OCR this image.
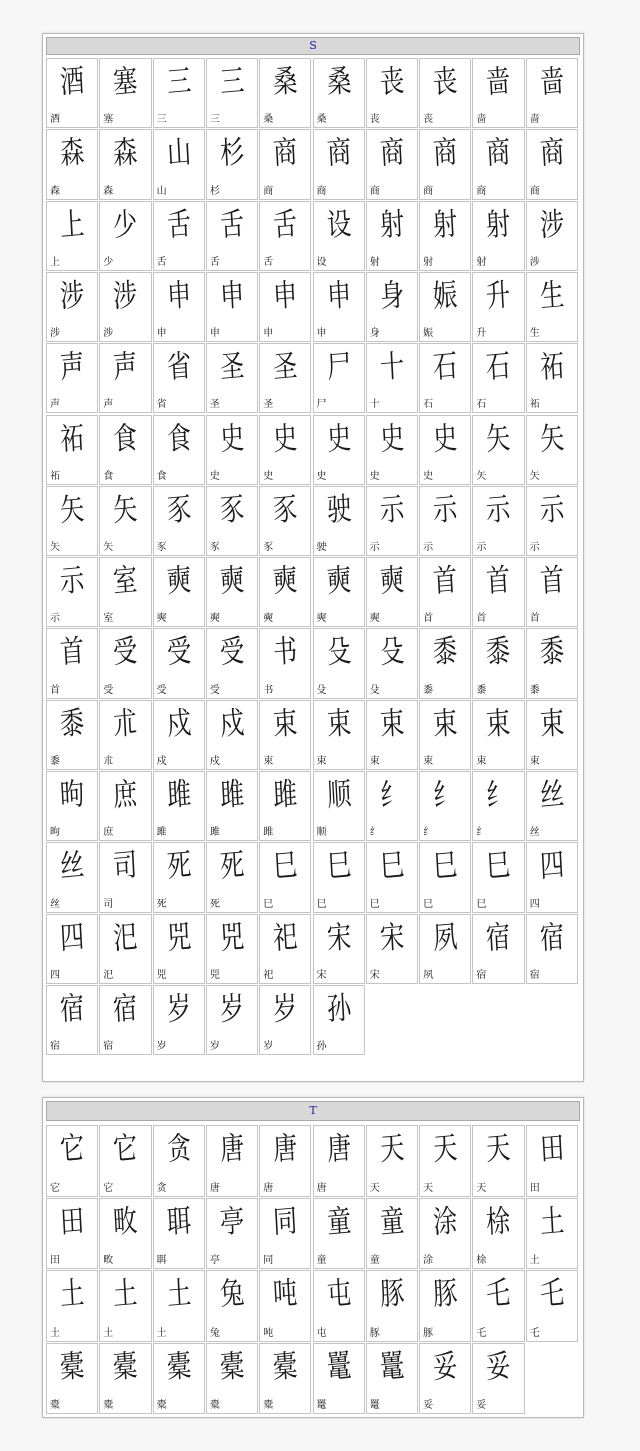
S
酒
酒
塞
塞
三
三
三
三
桑
桑
桑
桑
丧
丧
丧
丧
啬
啬
啬
啬
森
森
森
森
山
山
杉
杉
商
商
商
商
商
商
商
商
商
商
商
商
上
上
少
少
舌
舌
舌
舌
舌
舌
设
设
射
射
射
射
射
射
涉
涉
涉
涉
涉
涉
申
申
申
申
申
申
申
申
身
身
娠
娠
升
升
生
生
声
声
声
声
省
省
圣
圣
圣
圣
尸
尸
十
十
石
石
石
石
祏
祏
祏
祏
食
食
食
食
史
史
史
史
史
史
史
史
史
史
矢
矢
矢
矢
矢
矢
矢
矢
豕
豕
豕
豕
豕
豕
驶
驶
示
示
示
示
示
示
示
示
示
示
室
室
奭
奭
奭
奭
奭
奭
奭
奭
奭
奭
首
首
首
首
首
首
首
首
受
受
受
受
受
受
书
书
殳
殳
殳
殳
黍
黍
黍
黍
黍
黍
黍
黍
朮
朮
戍
戍
戍
戍
束
束
束
束
束
束
束
束
束
束
束
束
昫
昫
庶
庶
雎
雎
雎
雎
雎
雎
顺
顺
纟
纟
纟
纟
纟
纟
丝
丝
丝
丝
司
司
死
死
死
死
巳
巳
巳
巳
巳
巳
巳
巳
巳
巳
四
四
四
四
汜
汜
兕
兕
兕
兕
祀
祀
宋
宋
宋
宋
夙
夙
宿
宿
宿
宿
宿
宿
宿
宿
岁
岁
岁
岁
岁
岁
孙
孙
T
它
它
它
它
贪
贪
唐
唐
唐
唐
唐
唐
天
天
天
天
天
天
田
田
田
田
畋
畋
聑
聑
亭
亭
同
同
童
童
童
童
涂
涂
梌
梌
土
土
土
土
土
土
土
土
兔
兔
吨
吨
屯
屯
豚
豚
豚
豚
乇
乇
乇
乇
橐
橐
橐
橐
橐
橐
橐
橐
橐
橐
鼍
鼍
鼍
鼍
妥
妥
妥
妥
